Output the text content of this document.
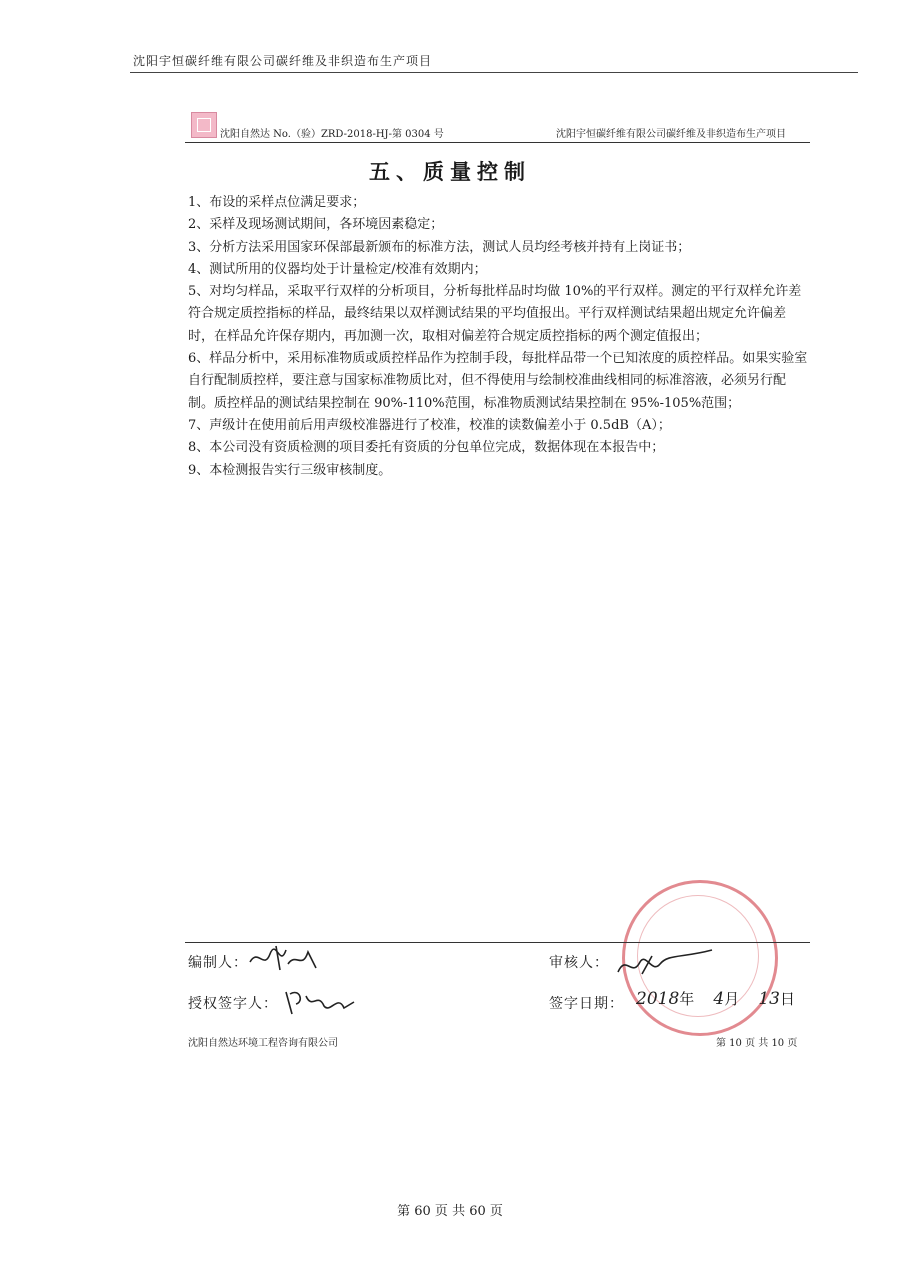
沈阳宇恒碳纤维有限公司碳纤维及非织造布生产项目
沈阳自然达 No.（验）ZRD-2018-HJ-第 0304 号	沈阳宇恒碳纤维有限公司碳纤维及非织造布生产项目
五、质量控制

1、布设的采样点位满足要求；

2、采样及现场测试期间，各环境因素稳定；

3、分析方法采用国家环保部最新颁布的标准方法，测试人员均经考核并持有上岗证书；

4、测试所用的仪器均处于计量检定/校准有效期内；

5、对均匀样品，采取平行双样的分析项目，分析每批样品时均做 10%的平行双样。测定的平行双样允许差符合规定质控指标的样品，最终结果以双样测试结果的平均值报出。平行双样测试结果超出规定允许偏差时，在样品允许保存期内，再加测一次，取相对偏差符合规定质控指标的两个测定值报出；

6、样品分析中，采用标准物质或质控样品作为控制手段，每批样品带一个已知浓度的质控样品。如果实验室自行配制质控样，要注意与国家标准物质比对，但不得使用与绘制校准曲线相同的标准溶液，必须另行配制。质控样品的测试结果控制在 90%-110%范围，标准物质测试结果控制在 95%-105%范围；

7、声级计在使用前后用声级校准器进行了校准，校准的读数偏差小于 0.5dB（A）；

8、本公司没有资质检测的项目委托有资质的分包单位完成，数据体现在本报告中；

9、本检测报告实行三级审核制度。

编制人：	审核人：
授权签字人：	签字日期： 2018年 4月 13日
沈阳自然达环境工程咨询有限公司	第 10 页 共 10 页
第 60 页 共 60 页
